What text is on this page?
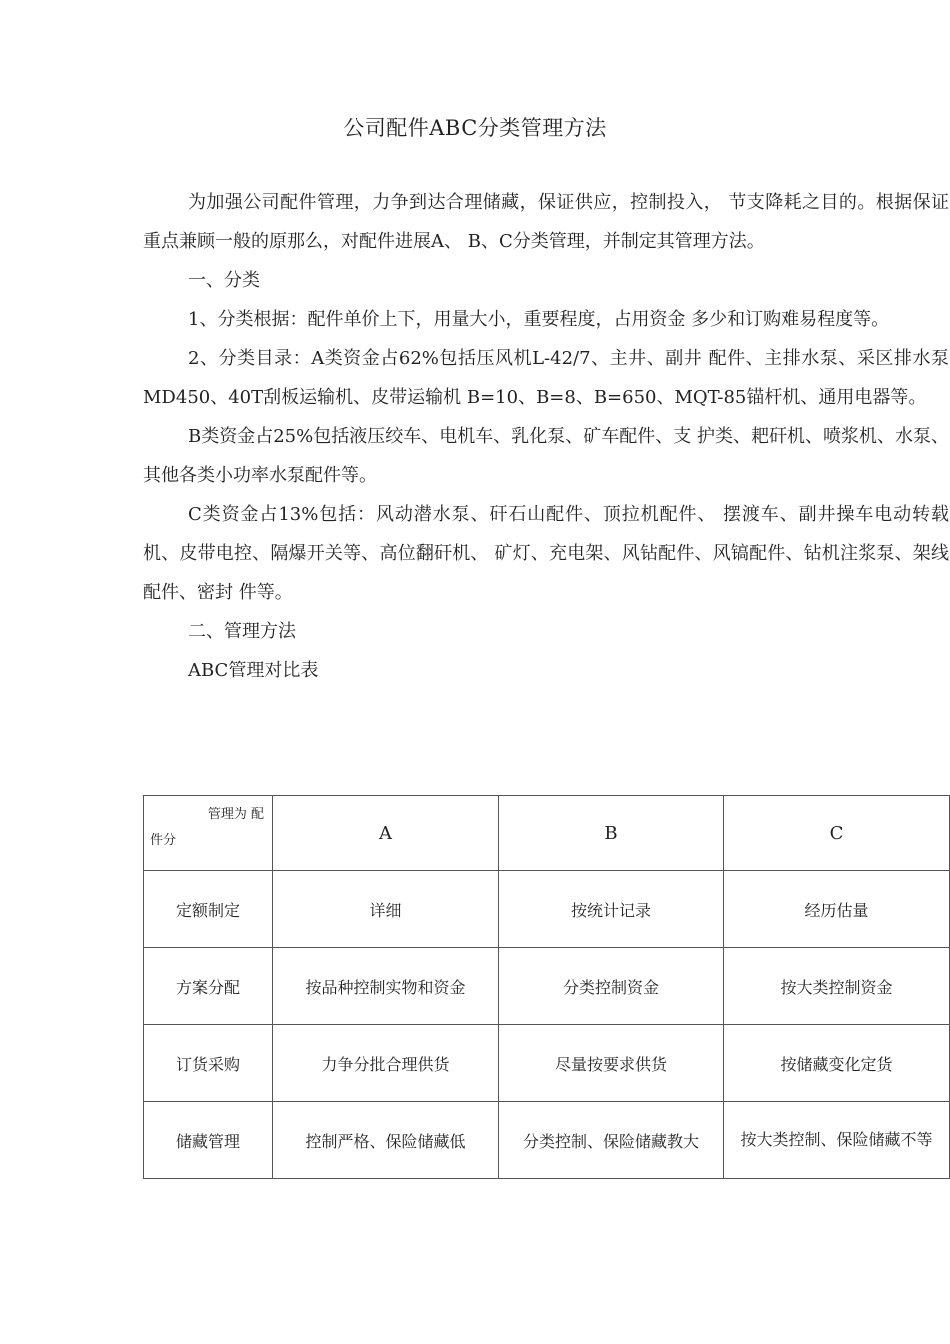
公司配件ABC分类管理方法

为加强公司配件管理，力争到达合理储藏，保证供应，控制投入， 节支降耗之目的。根据保证重点兼顾一般的原那么，对配件进展A、 B、C分类管理，并制定其管理方法。

一、分类

1、分类根据：配件单价上下，用量大小，重要程度，占用资金 多少和订购难易程度等。

2、分类目录：A类资金占62%包括压风机L-42/7、主井、副井 配件、主排水泵、采区排水泵MD450、40T刮板运输机、皮带运输机 B=10、B=8、B=650、MQT-85锚杆机、通用电器等。

B类资金占25%包括液压绞车、电机车、乳化泵、矿车配件、支 护类、耙矸机、喷浆机、水泵、其他各类小功率水泵配件等。

C类资金占13%包括：风动潜水泵、矸石山配件、顶拉机配件、 摆渡车、副井操车电动转载机、皮带电控、隔爆开关等、高位翻矸机、 矿灯、充电架、风钻配件、风镐配件、钻机注浆泵、架线配件、密封 件等。

二、管理方法

ABC管理对比表

管理为 配
件分	A	B	C
定额制定	详细	按统计记录	经历估量
方案分配	按品种控制实物和资金	分类控制资金	按大类控制资金
订货采购	力争分批合理供货	尽量按要求供货	按储藏变化定货
储藏管理	控制严格、保险储藏低	分类控制、保险储藏教大	按大类控制、保险储藏不等
